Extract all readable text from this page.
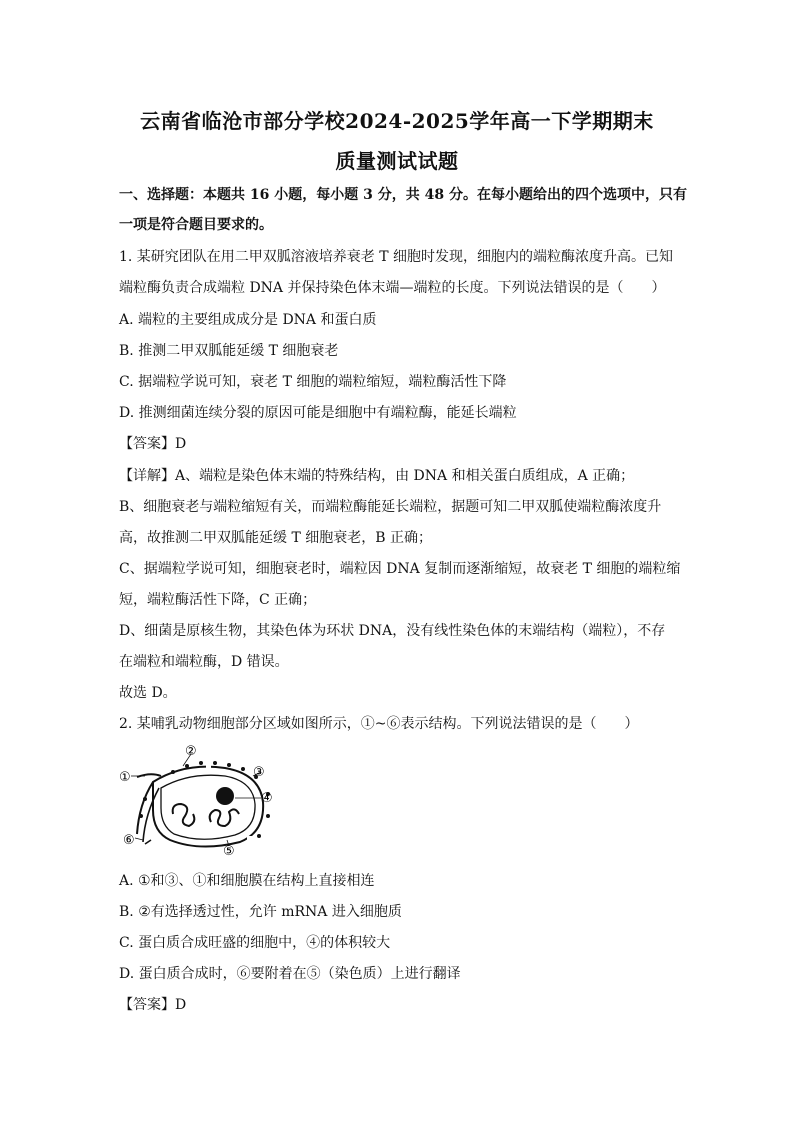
云南省临沧市部分学校2024-2025学年高一下学期期末
质量测试试题
一、选择题：本题共 16 小题，每小题 3 分，共 48 分。在每小题给出的四个选项中，只有
一项是符合题目要求的。
1. 某研究团队在用二甲双胍溶液培养衰老 T 细胞时发现，细胞内的端粒酶浓度升高。已知
端粒酶负责合成端粒 DNA 并保持染色体末端—端粒的长度。下列说法错误的是（　　）
A. 端粒的主要组成成分是 DNA 和蛋白质
B. 推测二甲双胍能延缓 T 细胞衰老
C. 据端粒学说可知，衰老 T 细胞的端粒缩短，端粒酶活性下降
D. 推测细菌连续分裂的原因可能是细胞中有端粒酶，能延长端粒
【答案】D
【详解】A、端粒是染色体末端的特殊结构，由 DNA 和相关蛋白质组成，A 正确；
B、细胞衰老与端粒缩短有关，而端粒酶能延长端粒，据题可知二甲双胍使端粒酶浓度升
高，故推测二甲双胍能延缓 T 细胞衰老，B 正确；
C、据端粒学说可知，细胞衰老时，端粒因 DNA 复制而逐渐缩短，故衰老 T 细胞的端粒缩
短，端粒酶活性下降，C 正确；
D、细菌是原核生物，其染色体为环状 DNA，没有线性染色体的末端结构（端粒），不存
在端粒和端粒酶，D 错误。
故选 D。
2. 某哺乳动物细胞部分区域如图所示，①~⑥表示结构。下列说法错误的是（　　）
①
②
③
④
⑤
⑥
A. ①和③、①和细胞膜在结构上直接相连
B. ②有选择透过性，允许 mRNA 进入细胞质
C. 蛋白质合成旺盛的细胞中，④的体积较大
D. 蛋白质合成时，⑥要附着在⑤（染色质）上进行翻译
【答案】D
